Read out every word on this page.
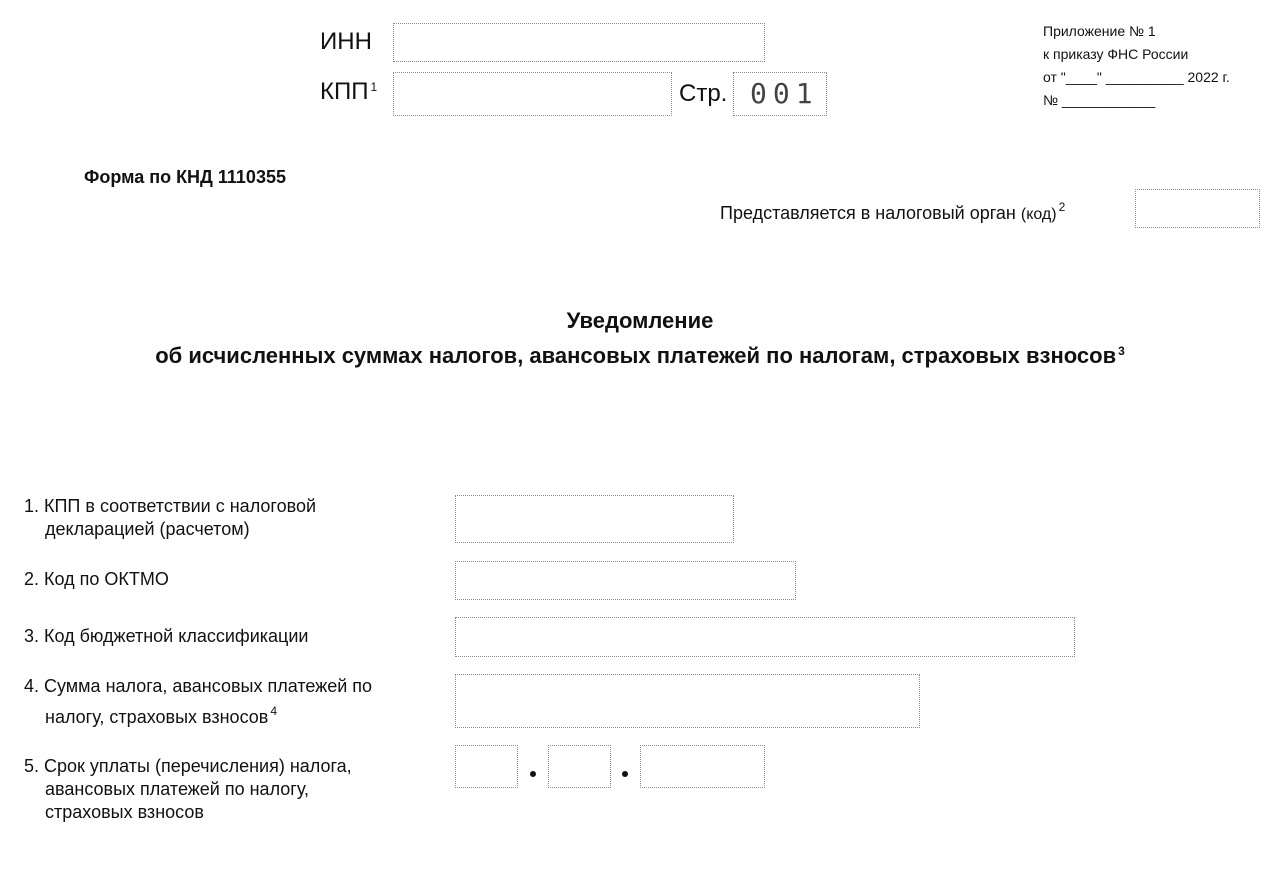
ИНН
КПП $^1$	Стр. 001
Приложение № 1
к приказу ФНС России
от "____" __________ 2022 г.
№ ____________
Форма по КНД 1110355
Представляется в налоговый орган (код) $^2$
Уведомление
об исчисленных суммах налогов, авансовых платежей по налогам, страховых взносов $^3$
1. КПП в соответствии с налоговой
декларацией (расчетом)
2. Код по ОКТМО
3. Код бюджетной классификации
4. Сумма налога, авансовых платежей по
налогу, страховых взносов $^4$
5. Срок уплаты (перечисления) налога,
авансовых платежей по налогу,
страховых взносов
